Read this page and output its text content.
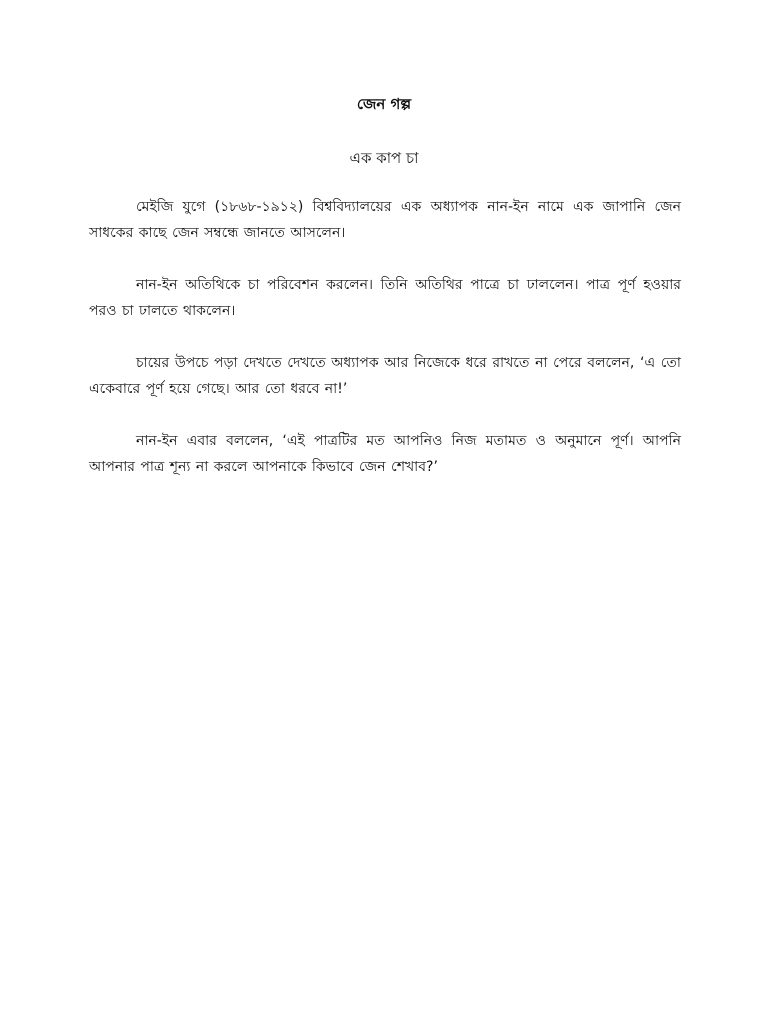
জেন গল্প
এক কাপ চা

মেইজি যুগে (১৮৬৮-১৯১২) বিশ্ববিদ্যালয়ের এক অধ্যাপক নান-ইন নামে এক জাপানি জেন সাধকের কাছে জেন সম্বন্ধে জানতে আসলেন।

নান-ইন অতিথিকে চা পরিবেশন করলেন। তিনি অতিথির পাত্রে চা ঢাললেন। পাত্র পূর্ণ হওয়ার পরও চা ঢালতে থাকলেন।

চায়ের উপচে পড়া দেখতে দেখতে অধ্যাপক আর নিজেকে ধরে রাখতে না পেরে বললেন, ‘এ তো একেবারে পূর্ণ হয়ে গেছে। আর তো ধরবে না!’

নান-ইন এবার বললেন, ‘এই পাত্রটির মত আপনিও নিজ মতামত ও অনুমানে পূর্ণ। আপনি আপনার পাত্র শূন্য না করলে আপনাকে কিভাবে জেন শেখাব?’
